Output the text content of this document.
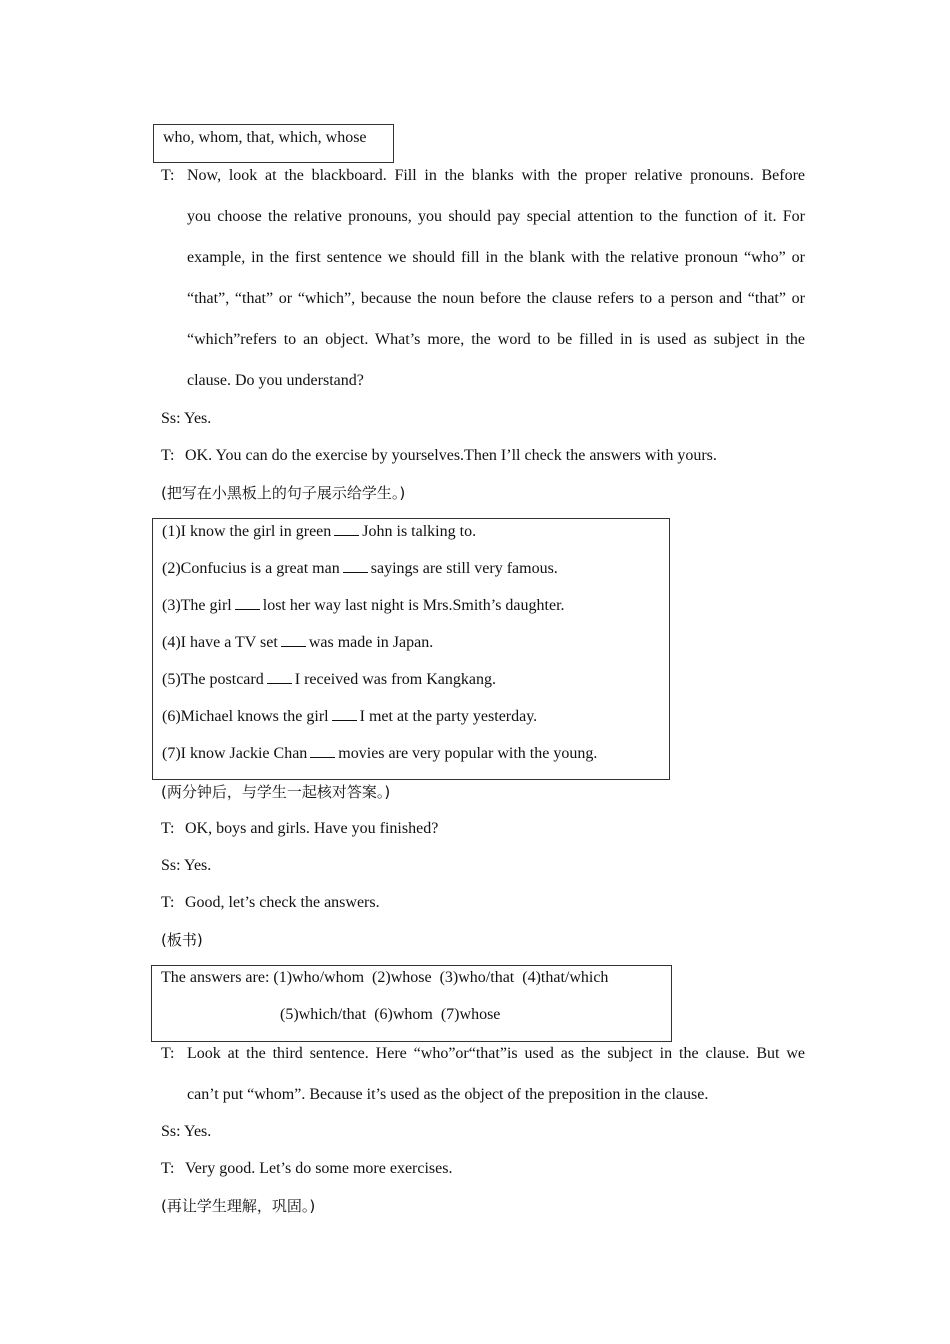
who, whom, that, which, whose
T: Now, look at the blackboard. Fill in the blanks with the proper relative pronouns. Before
you choose the relative pronouns, you should pay special attention to the function of it. For
example, in the first sentence we should fill in the blank with the relative pronoun “who” or
“that”, “that” or “which”, because the noun before the clause refers to a person and “that” or
“which”refers to an object. What’s more, the word to be filled in is used as subject in the
clause. Do you understand?
Ss: Yes.
T: OK. You can do the exercise by yourselves.Then I’ll check the answers with yours.
(把写在小黑板上的句子展示给学生。)
(1)I know the girl in green John is talking to.
(2)Confucius is a great man sayings are still very famous.
(3)The girl lost her way last night is Mrs.Smith’s daughter.
(4)I have a TV set was made in Japan.
(5)The postcard I received was from Kangkang.
(6)Michael knows the girl I met at the party yesterday.
(7)I know Jackie Chan movies are very popular with the young.
(两分钟后，与学生一起核对答案。)
T: OK, boys and girls. Have you finished?
Ss: Yes.
T: Good, let’s check the answers.
(板书)
The answers are: (1)who/whom  (2)whose  (3)who/that  (4)that/which
(5)which/that  (6)whom  (7)whose
T: Look at the third sentence. Here “who”or“that”is used as the subject in the clause. But we
can’t put “whom”. Because it’s used as the object of the preposition in the clause.
Ss: Yes.
T: Very good. Let’s do some more exercises.
(再让学生理解，巩固。)
